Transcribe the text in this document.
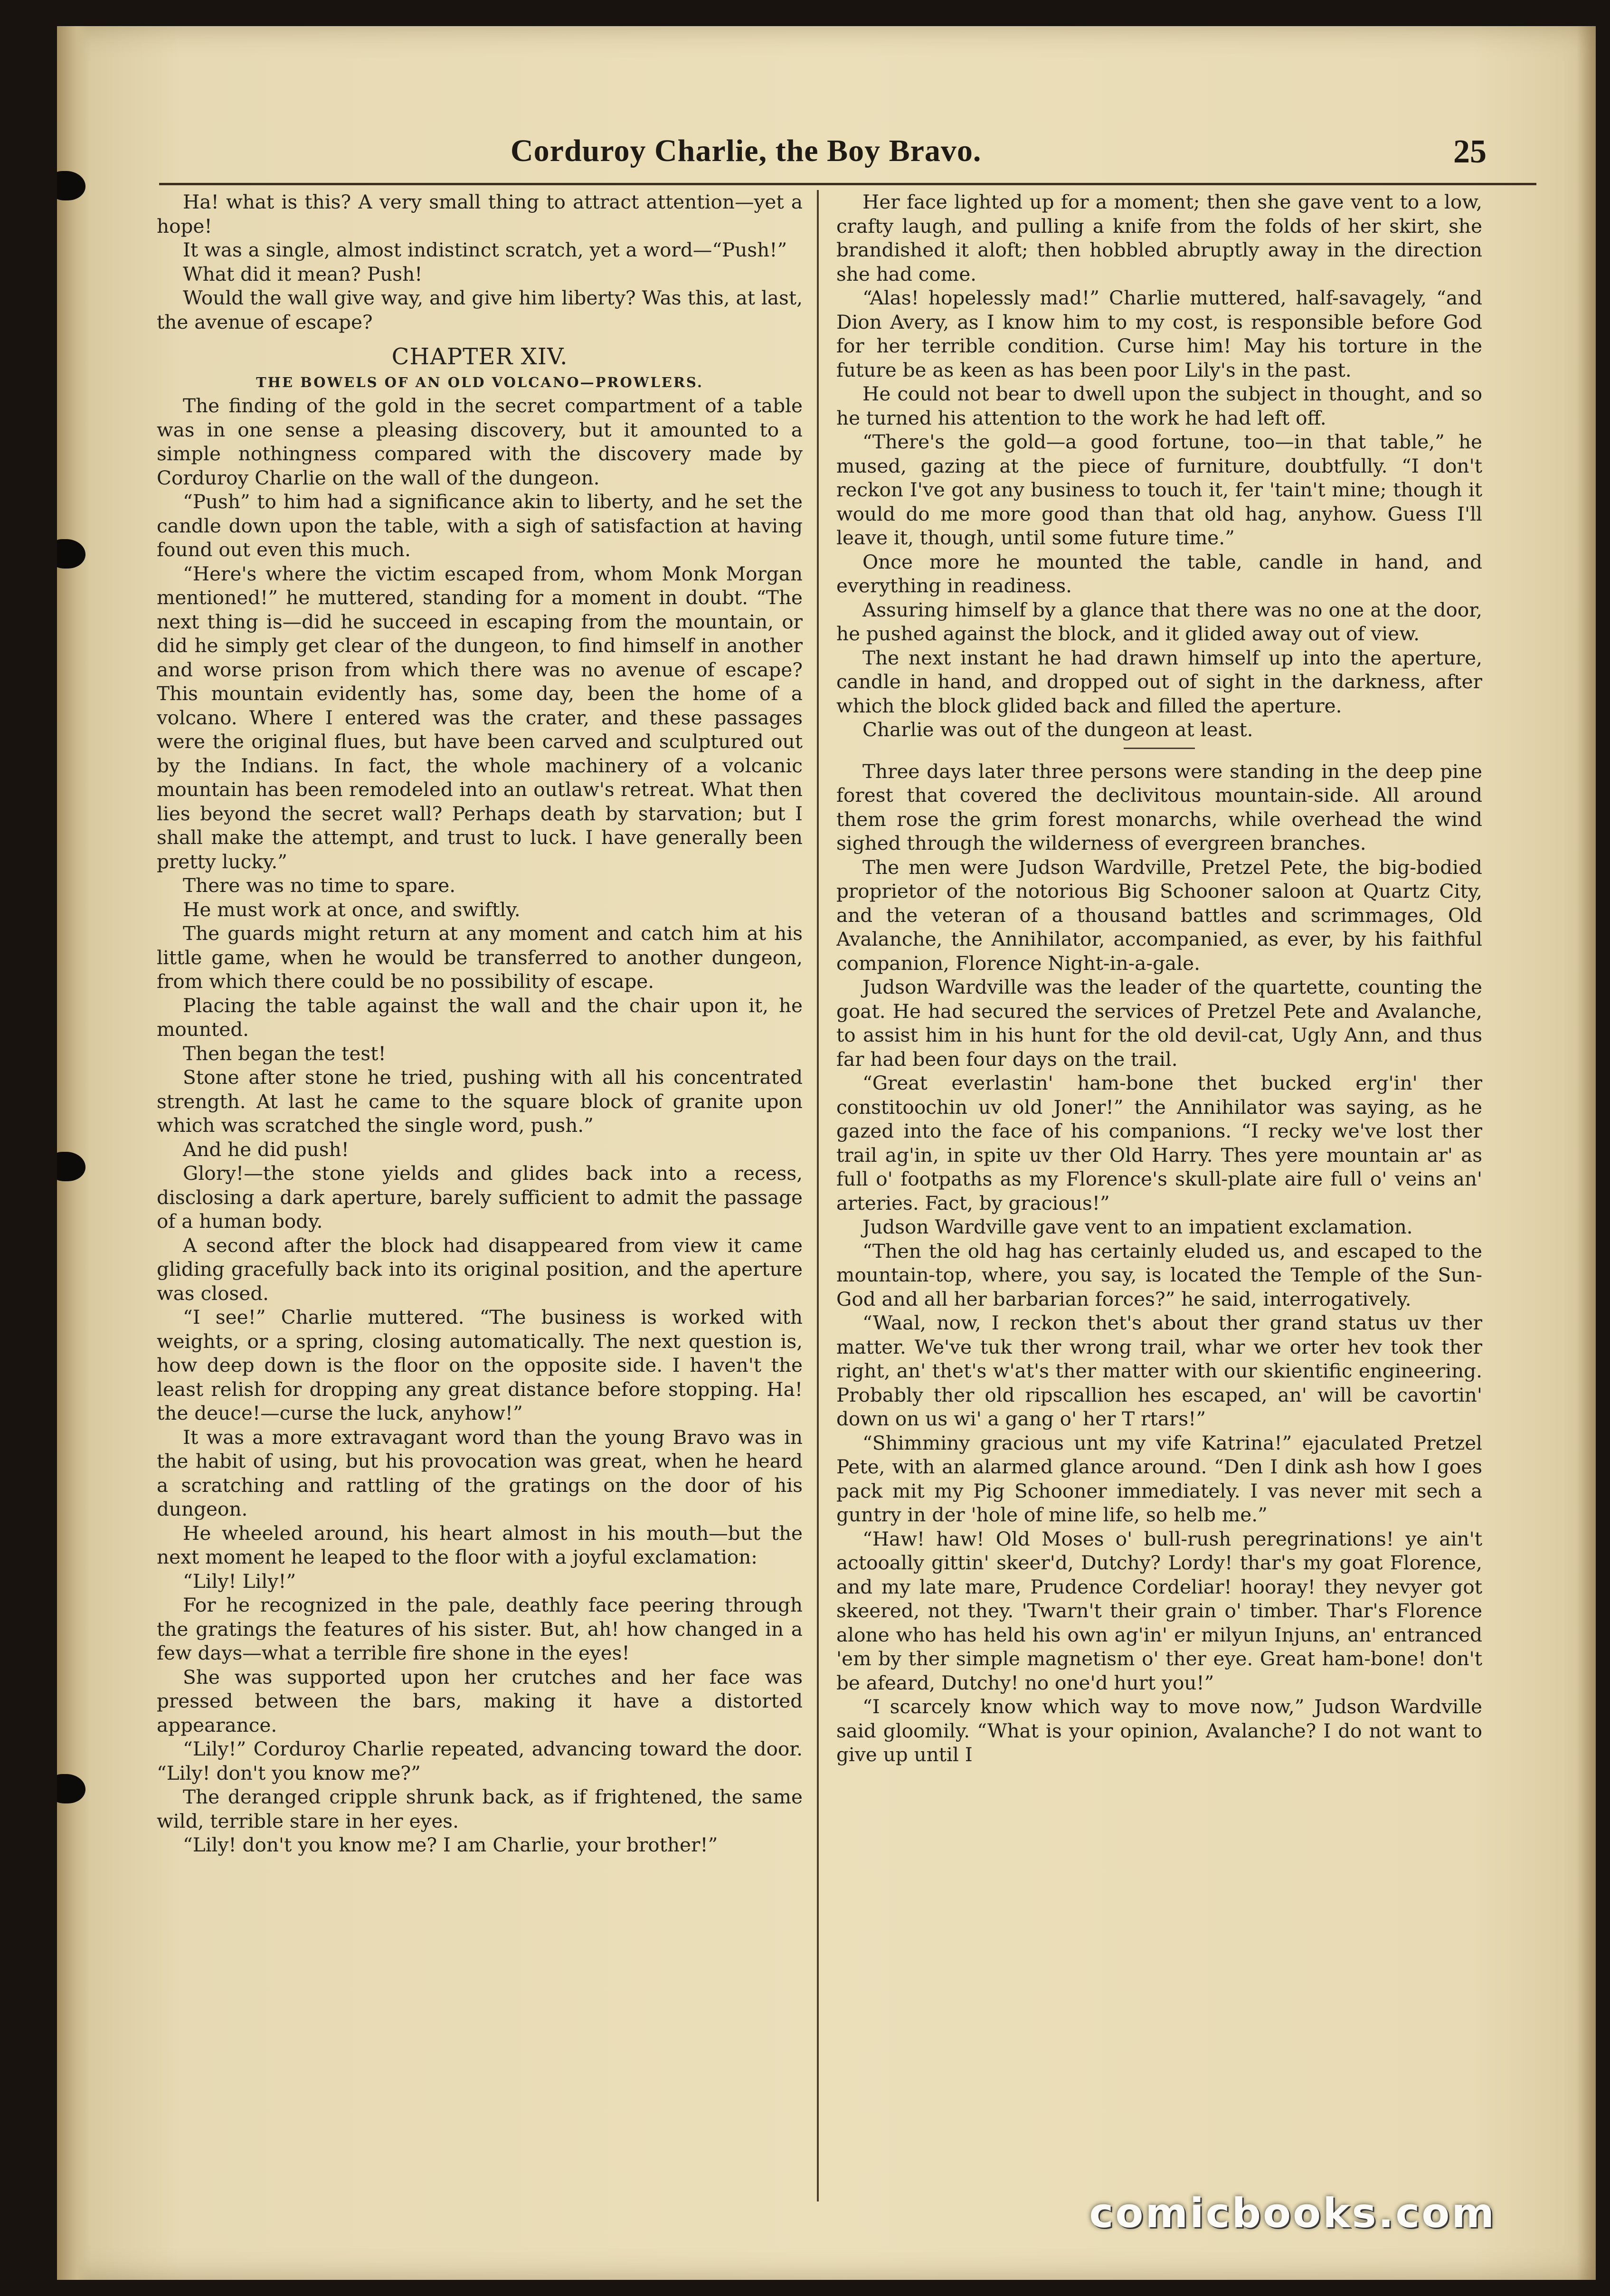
Corduroy Charlie, the Boy Bravo.	25

Ha! what is this? A very small thing to attract attention—yet a hope!

It was a single, almost indistinct scratch, yet a word—“Push!”

What did it mean? Push!

Would the wall give way, and give him liberty? Was this, at last, the avenue of escape?

CHAPTER XIV.
THE BOWELS OF AN OLD VOLCANO—PROWLERS.

The finding of the gold in the secret compartment of a table was in one sense a pleasing discovery, but it amounted to a simple nothingness compared with the discovery made by Corduroy Charlie on the wall of the dungeon.

“Push” to him had a significance akin to liberty, and he set the candle down upon the table, with a sigh of satisfaction at having found out even this much.

“Here's where the victim escaped from, whom Monk Morgan mentioned!” he muttered, standing for a moment in doubt. “The next thing is—did he succeed in escaping from the mountain, or did he simply get clear of the dungeon, to find himself in another and worse prison from which there was no avenue of escape? This mountain evidently has, some day, been the home of a volcano. Where I entered was the crater, and these passages were the original flues, but have been carved and sculptured out by the Indians. In fact, the whole machinery of a volcanic mountain has been remodeled into an outlaw's retreat. What then lies beyond the secret wall? Perhaps death by starvation; but I shall make the attempt, and trust to luck. I have generally been pretty lucky.”

There was no time to spare.

He must work at once, and swiftly.

The guards might return at any moment and catch him at his little game, when he would be transferred to another dungeon, from which there could be no possibility of escape.

Placing the table against the wall and the chair upon it, he mounted.

Then began the test!

Stone after stone he tried, pushing with all his concentrated strength. At last he came to the square block of granite upon which was scratched the single word, push.”

And he did push!

Glory!—the stone yields and glides back into a recess, disclosing a dark aperture, barely sufficient to admit the passage of a human body.

A second after the block had disappeared from view it came gliding gracefully back into its original position, and the aperture was closed.

“I see!” Charlie muttered. “The business is worked with weights, or a spring, closing automatically. The next question is, how deep down is the floor on the opposite side. I haven't the least relish for dropping any great distance before stopping. Ha! the deuce!—curse the luck, anyhow!”

It was a more extravagant word than the young Bravo was in the habit of using, but his provocation was great, when he heard a scratching and rattling of the gratings on the door of his dungeon.

He wheeled around, his heart almost in his mouth—but the next moment he leaped to the floor with a joyful exclamation:

“Lily! Lily!”

For he recognized in the pale, deathly face peering through the gratings the features of his sister. But, ah! how changed in a few days—what a terrible fire shone in the eyes!

She was supported upon her crutches and her face was pressed between the bars, making it have a distorted appearance.

“Lily!” Corduroy Charlie repeated, advancing toward the door. “Lily! don't you know me?”

The deranged cripple shrunk back, as if frightened, the same wild, terrible stare in her eyes.

“Lily! don't you know me? I am Charlie, your brother!”

Her face lighted up for a moment; then she gave vent to a low, crafty laugh, and pulling a knife from the folds of her skirt, she brandished it aloft; then hobbled abruptly away in the direction she had come.

“Alas! hopelessly mad!” Charlie muttered, half-savagely, “and Dion Avery, as I know him to my cost, is responsible before God for her terrible condition. Curse him! May his torture in the future be as keen as has been poor Lily's in the past.

He could not bear to dwell upon the subject in thought, and so he turned his attention to the work he had left off.

“There's the gold—a good fortune, too—in that table,” he mused, gazing at the piece of furniture, doubtfully. “I don't reckon I've got any business to touch it, fer 'tain't mine; though it would do me more good than that old hag, anyhow. Guess I'll leave it, though, until some future time.”

Once more he mounted the table, candle in hand, and everything in readiness.

Assuring himself by a glance that there was no one at the door, he pushed against the block, and it glided away out of view.

The next instant he had drawn himself up into the aperture, candle in hand, and dropped out of sight in the darkness, after which the block glided back and filled the aperture.

Charlie was out of the dungeon at least.

Three days later three persons were standing in the deep pine forest that covered the declivitous mountain-side. All around them rose the grim forest monarchs, while overhead the wind sighed through the wilderness of evergreen branches.

The men were Judson Wardville, Pretzel Pete, the big-bodied proprietor of the notorious Big Schooner saloon at Quartz City, and the veteran of a thousand battles and scrimmages, Old Avalanche, the Annihilator, accompanied, as ever, by his faithful companion, Florence Night-in-a-gale.

Judson Wardville was the leader of the quartette, counting the goat. He had secured the services of Pretzel Pete and Avalanche, to assist him in his hunt for the old devil-cat, Ugly Ann, and thus far had been four days on the trail.

“Great everlastin' ham-bone thet bucked erg'in' ther constitoochin uv old Joner!” the Annihilator was saying, as he gazed into the face of his companions. “I recky we've lost ther trail ag'in, in spite uv ther Old Harry. Thes yere mountain ar' as full o' footpaths as my Florence's skull-plate aire full o' veins an' arteries. Fact, by gracious!”

Judson Wardville gave vent to an impatient exclamation.

“Then the old hag has certainly eluded us, and escaped to the mountain-top, where, you say, is located the Temple of the Sun-God and all her barbarian forces?” he said, interrogatively.

“Waal, now, I reckon thet's about ther grand status uv ther matter. We've tuk ther wrong trail, whar we orter hev took ther right, an' thet's w'at's ther matter with our skientific engineering. Probably ther old ripscallion hes escaped, an' will be cavortin' down on us wi' a gang o' her T rtars!”

“Shimminy gracious unt my vife Katrina!” ejaculated Pretzel Pete, with an alarmed glance around. “Den I dink ash how I goes pack mit my Pig Schooner immediately. I vas never mit sech a guntry in der 'hole of mine life, so helb me.”

“Haw! haw! Old Moses o' bull-rush peregrinations! ye ain't actooally gittin' skeer'd, Dutchy? Lordy! thar's my goat Florence, and my late mare, Prudence Cordeliar! hooray! they nevyer got skeered, not they. 'Twarn't their grain o' timber. Thar's Florence alone who has held his own ag'in' er milyun Injuns, an' entranced 'em by ther simple magnetism o' ther eye. Great ham-bone! don't be afeard, Dutchy! no one'd hurt you!”

“I scarcely know which way to move now,” Judson Wardville said gloomily. “What is your opinion, Avalanche? I do not want to give up until I

comicbooks.com
